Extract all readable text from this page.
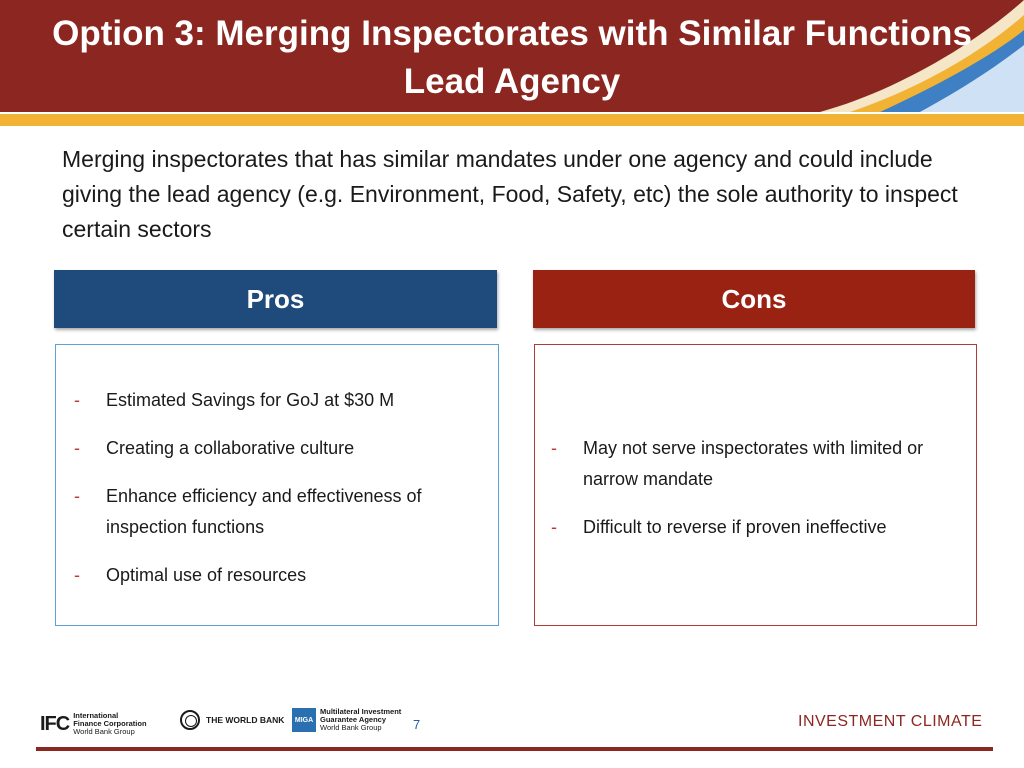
Option 3: Merging Inspectorates with Similar Functions
Lead Agency
Merging inspectorates that has similar mandates under one agency and could include giving the lead agency (e.g. Environment, Food, Safety, etc) the sole authority to inspect certain sectors
Pros	Cons
- Estimated Savings for GoJ at $30 M
- Creating a collaborative culture
- Enhance efficiency and effectiveness of inspection functions
- Optimal use of resources
- May not serve inspectorates with limited or narrow mandate
- Difficult to reverse if proven ineffective
IFC International
Finance Corporation
World Bank Group
THE WORLD BANK	MIGA
Multilateral Investment
Guarantee Agency
World Bank Group	7	INVESTMENT CLIMATE
